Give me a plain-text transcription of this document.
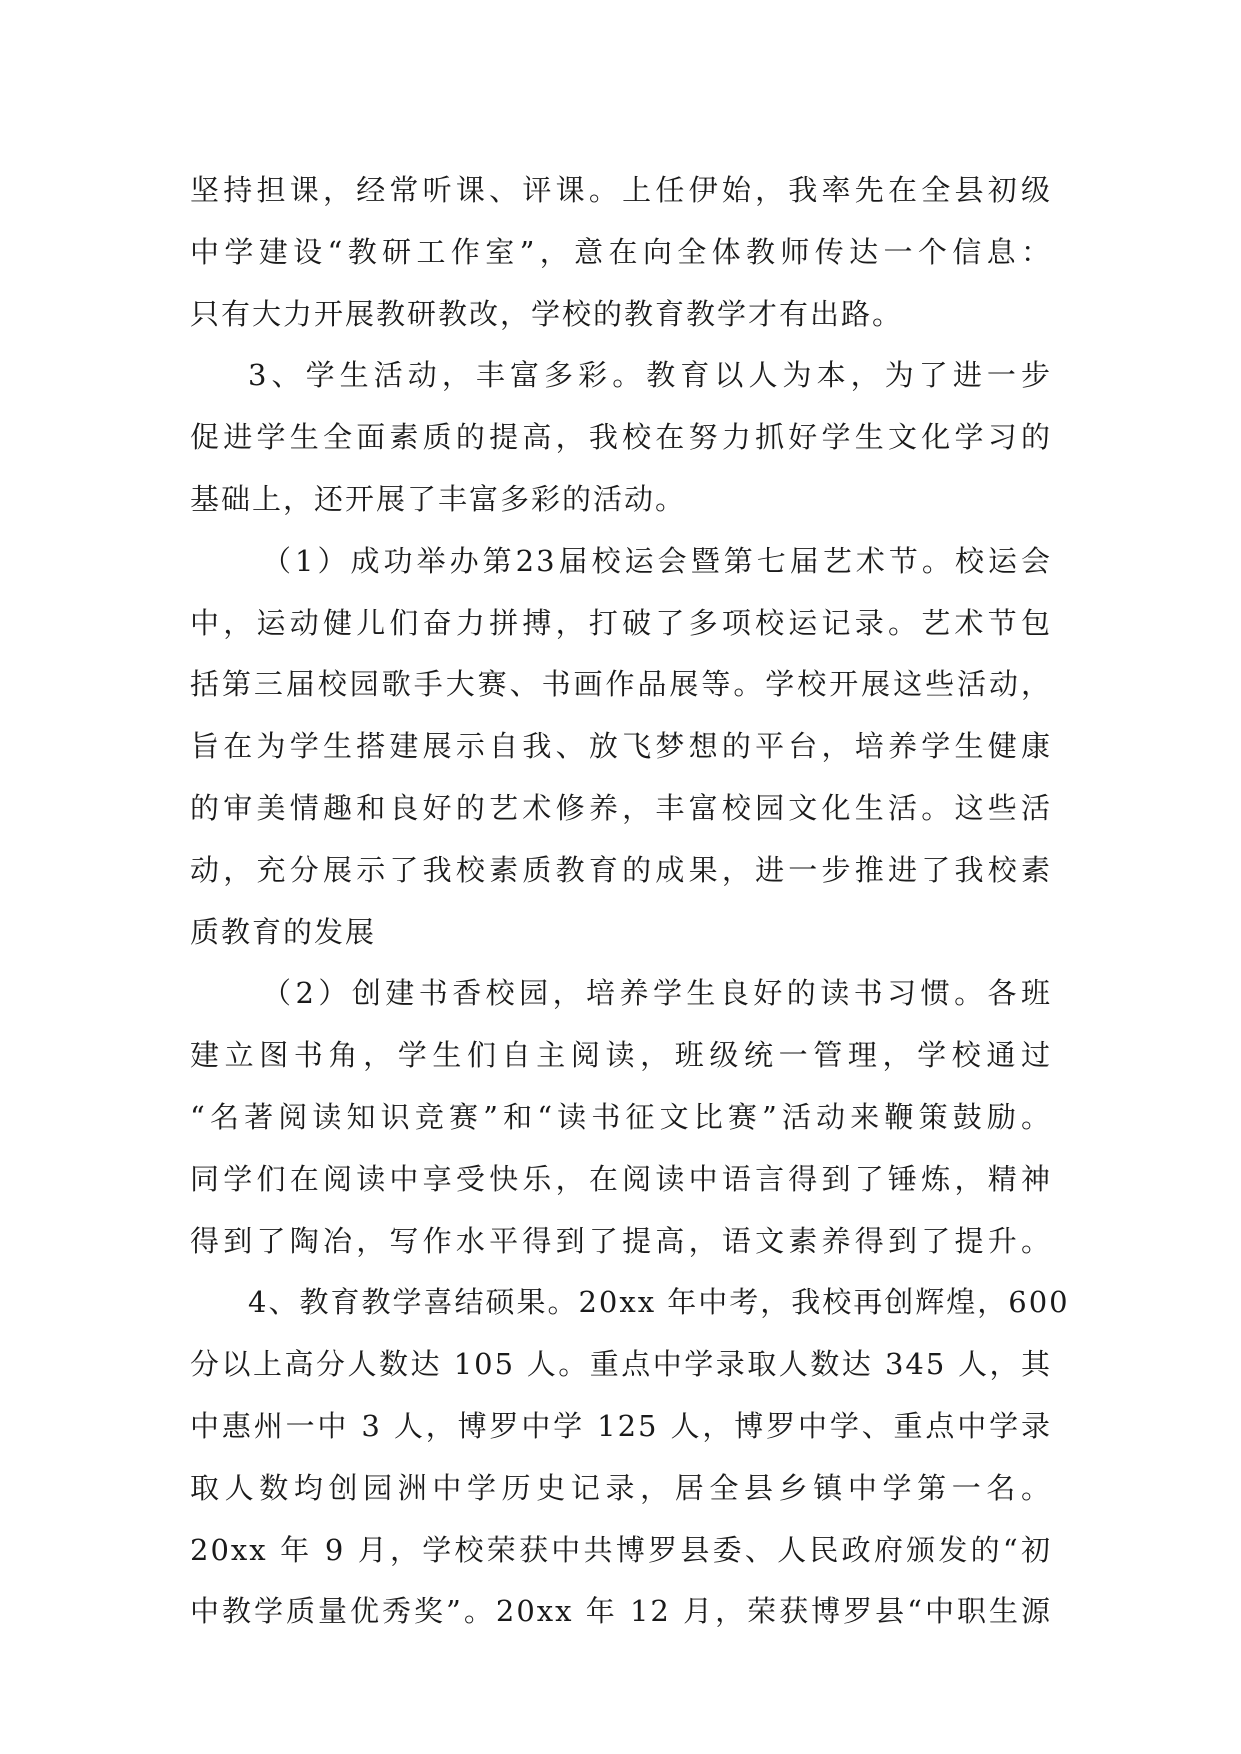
坚持担课，经常听课、评课。上任伊始，我率先在全县初级
中学建设“教研工作室”，意在向全体教师传达一个信息：
只有大力开展教研教改，学校的教育教学才有出路。
3、学生活动，丰富多彩。教育以人为本，为了进一步
促进学生全面素质的提高，我校在努力抓好学生文化学习的
基础上，还开展了丰富多彩的活动。
（1）成功举办第23届校运会暨第七届艺术节。校运会
中，运动健儿们奋力拼搏，打破了多项校运记录。艺术节包
括第三届校园歌手大赛、书画作品展等。学校开展这些活动，
旨在为学生搭建展示自我、放飞梦想的平台，培养学生健康
的审美情趣和良好的艺术修养，丰富校园文化生活。这些活
动，充分展示了我校素质教育的成果，进一步推进了我校素
质教育的发展
（2）创建书香校园，培养学生良好的读书习惯。各班
建立图书角，学生们自主阅读，班级统一管理，学校通过
“名著阅读知识竞赛”和“读书征文比赛”活动来鞭策鼓励。
同学们在阅读中享受快乐，在阅读中语言得到了锤炼，精神
得到了陶冶，写作水平得到了提高，语文素养得到了提升。
4、教育教学喜结硕果。20xx 年中考，我校再创辉煌，600
分以上高分人数达 105 人。重点中学录取人数达 345 人，其
中惠州一中 3 人，博罗中学 125 人，博罗中学、重点中学录
取人数均创园洲中学历史记录，居全县乡镇中学第一名。
20xx 年 9 月，学校荣获中共博罗县委、人民政府颁发的“初
中教学质量优秀奖”。20xx 年 12 月，荣获博罗县“中职生源
